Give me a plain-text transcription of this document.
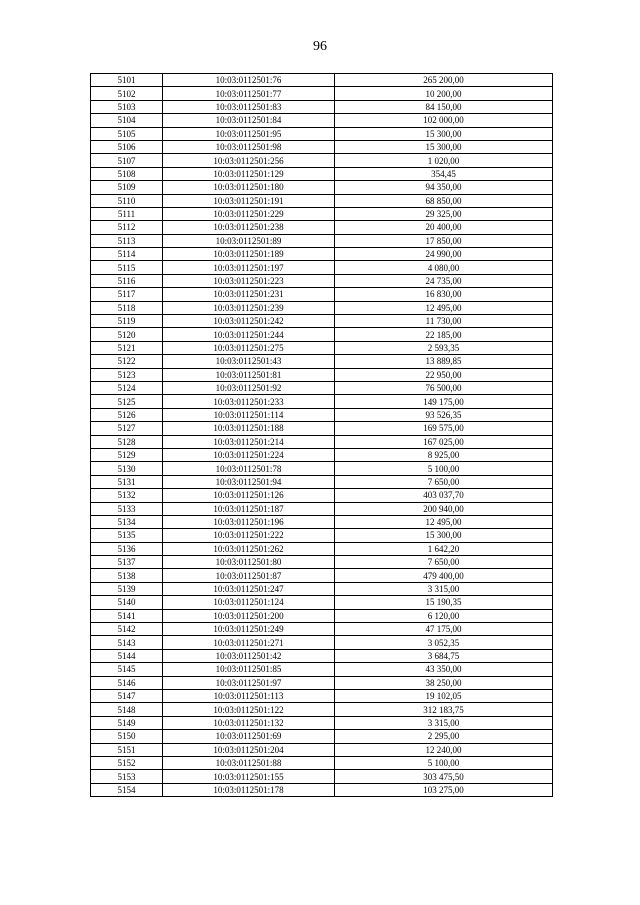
96
5101	10:03:0112501:76	265 200,00
5102	10:03:0112501:77	10 200,00
5103	10:03:0112501:83	84 150,00
5104	10:03:0112501:84	102 000,00
5105	10:03:0112501:95	15 300,00
5106	10:03:0112501:98	15 300,00
5107	10:03:0112501:256	1 020,00
5108	10:03:0112501:129	354,45
5109	10:03:0112501:180	94 350,00
5110	10:03:0112501:191	68 850,00
5111	10:03:0112501:229	29 325,00
5112	10:03:0112501:238	20 400,00
5113	10:03:0112501:89	17 850,00
5114	10:03:0112501:189	24 990,00
5115	10:03:0112501:197	4 080,00
5116	10:03:0112501:223	24 735,00
5117	10:03:0112501:231	16 830,00
5118	10:03:0112501:239	12 495,00
5119	10:03:0112501:242	11 730,00
5120	10:03:0112501:244	22 185,00
5121	10:03:0112501:275	2 593,35
5122	10:03:0112501:43	13 889,85
5123	10:03:0112501:81	22 950,00
5124	10:03:0112501:92	76 500,00
5125	10:03:0112501:233	149 175,00
5126	10:03:0112501:114	93 526,35
5127	10:03:0112501:188	169 575,00
5128	10:03:0112501:214	167 025,00
5129	10:03:0112501:224	8 925,00
5130	10:03:0112501:78	5 100,00
5131	10:03:0112501:94	7 650,00
5132	10:03:0112501:126	403 037,70
5133	10:03:0112501:187	200 940,00
5134	10:03:0112501:196	12 495,00
5135	10:03:0112501:222	15 300,00
5136	10:03:0112501:262	1 642,20
5137	10:03:0112501:80	7 650,00
5138	10:03:0112501:87	479 400,00
5139	10:03:0112501:247	3 315,00
5140	10:03:0112501:124	15 190,35
5141	10:03:0112501:200	6 120,00
5142	10:03:0112501:249	47 175,00
5143	10:03:0112501:271	3 052,35
5144	10:03:0112501:42	3 684,75
5145	10:03:0112501:85	43 350,00
5146	10:03:0112501:97	38 250,00
5147	10:03:0112501:113	19 102,05
5148	10:03:0112501:122	312 183,75
5149	10:03:0112501:132	3 315,00
5150	10:03:0112501:69	2 295,00
5151	10:03:0112501:204	12 240,00
5152	10:03:0112501:88	5 100,00
5153	10:03:0112501:155	303 475,50
5154	10:03:0112501:178	103 275,00
